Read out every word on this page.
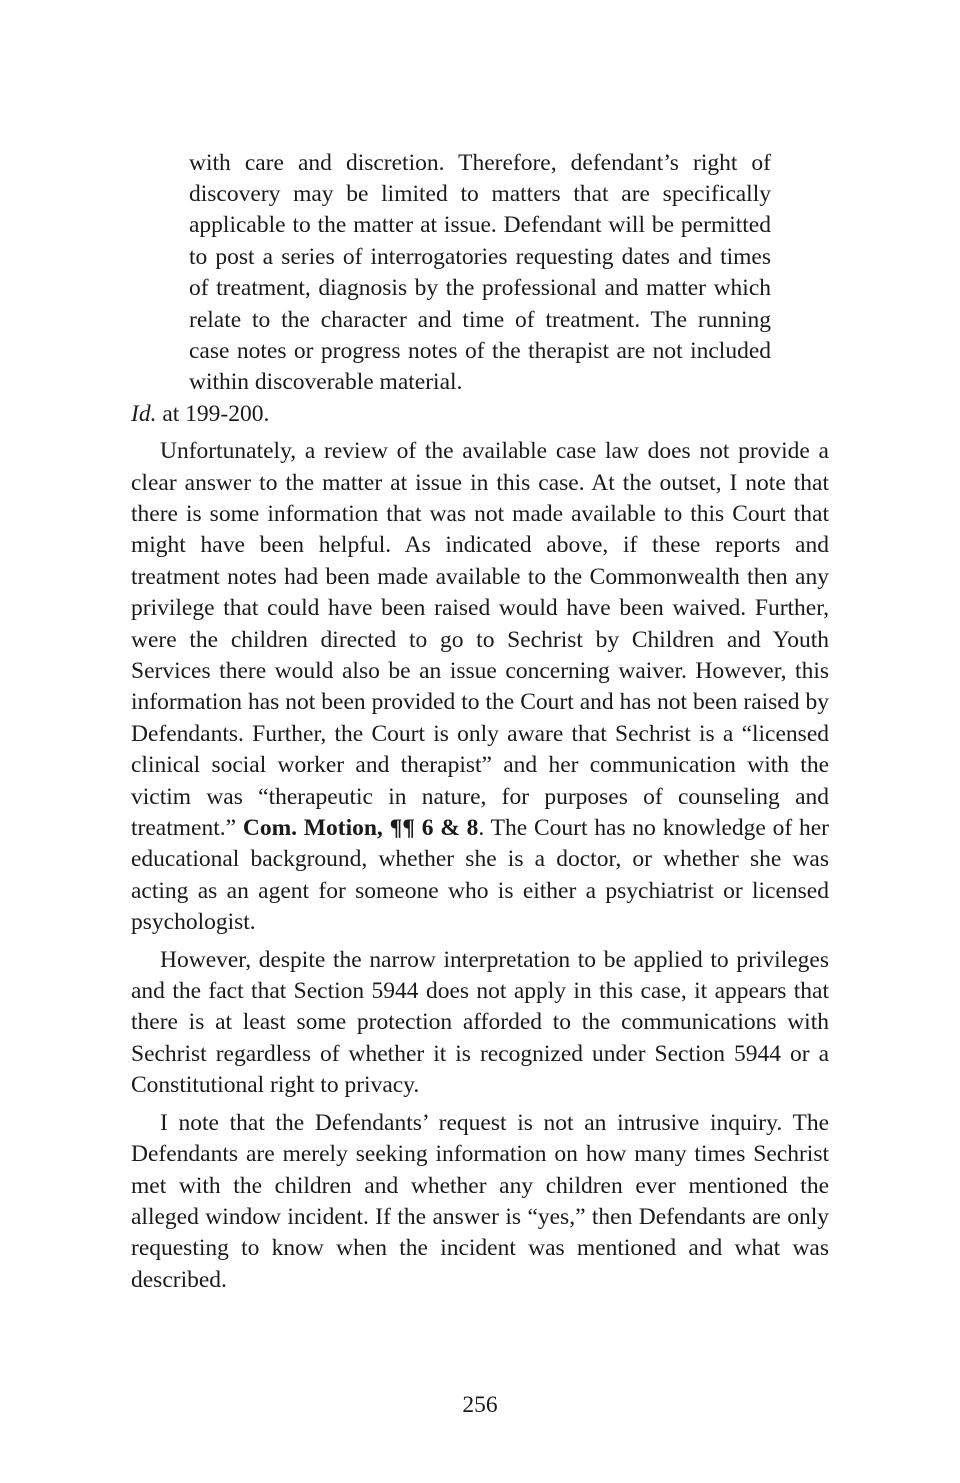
with care and discretion. Therefore, defendant’s right of discovery may be limited to matters that are specifically applicable to the matter at issue. Defendant will be permitted to post a series of interrogatories requesting dates and times of treatment, diagnosis by the professional and matter which relate to the character and time of treatment. The running case notes or progress notes of the therapist are not included within discoverable material.

Id. at 199-200.

Unfortunately, a review of the available case law does not provide a clear answer to the matter at issue in this case. At the outset, I note that there is some information that was not made available to this Court that might have been helpful. As indicated above, if these reports and treatment notes had been made available to the Commonwealth then any privilege that could have been raised would have been waived. Further, were the children directed to go to Sechrist by Children and Youth Services there would also be an issue concerning waiver. However, this information has not been provided to the Court and has not been raised by Defendants. Further, the Court is only aware that Sechrist is a “licensed clinical social worker and therapist” and her communication with the victim was “therapeutic in nature, for purposes of counseling and treatment.” Com. Motion, ¶¶ 6 & 8. The Court has no knowledge of her educational background, whether she is a doctor, or whether she was acting as an agent for someone who is either a psychiatrist or licensed psychologist.

However, despite the narrow interpretation to be applied to privileges and the fact that Section 5944 does not apply in this case, it appears that there is at least some protection afforded to the communications with Sechrist regardless of whether it is recognized under Section 5944 or a Constitutional right to privacy.

I note that the Defendants’ request is not an intrusive inquiry. The Defendants are merely seeking information on how many times Sechrist met with the children and whether any children ever mentioned the alleged window incident. If the answer is “yes,” then Defendants are only requesting to know when the incident was mentioned and what was described.

256
